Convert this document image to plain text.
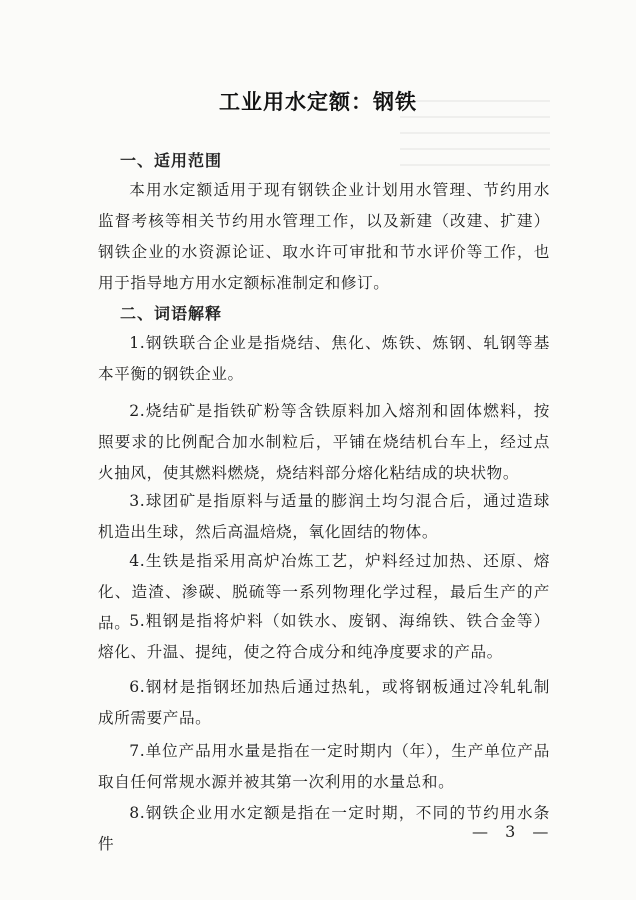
工业用水定额：钢铁
一、适用范围
本用水定额适用于现有钢铁企业计划用水管理、节约用水监督考核等相关节约用水管理工作，以及新建（改建、扩建）钢铁企业的水资源论证、取水许可审批和节水评价等工作，也用于指导地方用水定额标准制定和修订。
二、词语解释
1.钢铁联合企业是指烧结、焦化、炼铁、炼钢、轧钢等基本平衡的钢铁企业。
2.烧结矿是指铁矿粉等含铁原料加入熔剂和固体燃料，按照要求的比例配合加水制粒后，平铺在烧结机台车上，经过点火抽风，使其燃料燃烧，烧结料部分熔化粘结成的块状物。
3.球团矿是指原料与适量的膨润土均匀混合后，通过造球机造出生球，然后高温焙烧，氧化固结的物体。
4.生铁是指采用高炉冶炼工艺，炉料经过加热、还原、熔化、造渣、渗碳、脱硫等一系列物理化学过程，最后生产的产品。
5.粗钢是指将炉料（如铁水、废钢、海绵铁、铁合金等）熔化、升温、提纯，使之符合成分和纯净度要求的产品。
6.钢材是指钢坯加热后通过热轧，或将钢板通过冷轧轧制成所需要产品。
7.单位产品用水量是指在一定时期内（年），生产单位产品取自任何常规水源并被其第一次利用的水量总和。
8.钢铁企业用水定额是指在一定时期，不同的节约用水条件
— 3 —
